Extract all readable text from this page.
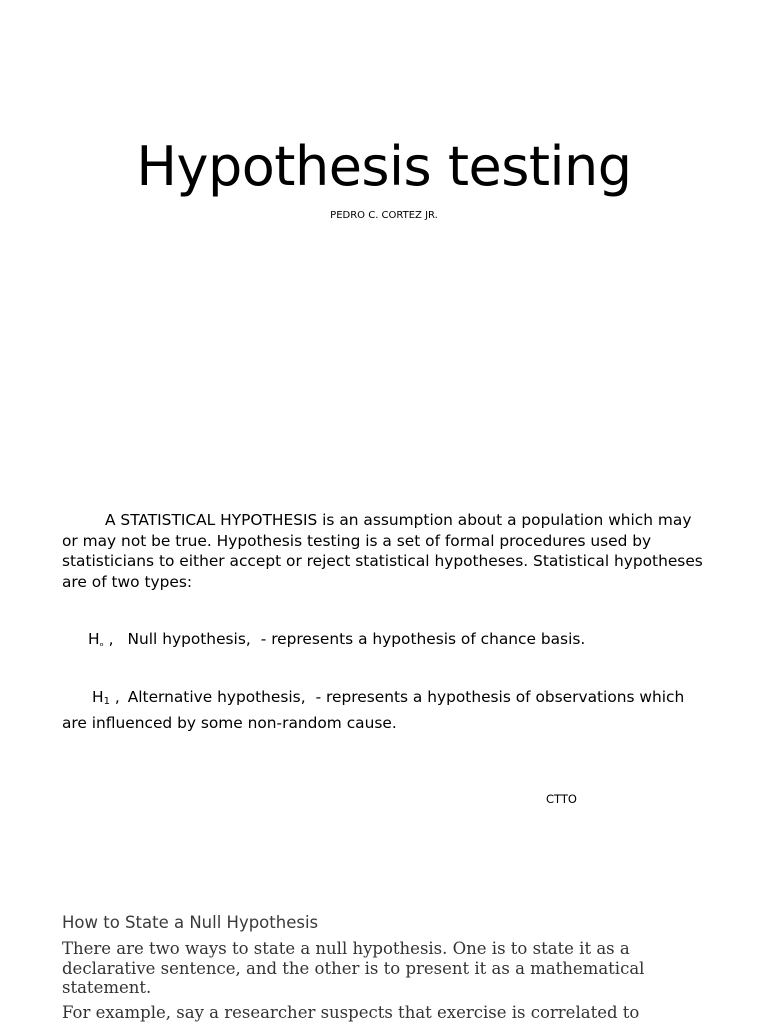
Hypothesis testing
PEDRO C. CORTEZ JR.

A STATISTICAL HYPOTHESIS is an assumption about a population which may or may not be true. Hypothesis testing is a set of formal procedures used by statisticians to either accept or reject statistical hypotheses. Statistical hypotheses are of two types:

$H_{_o}$ , Null hypothesis, - represents a hypothesis of chance basis.

$H_1$ , Alternative hypothesis, - represents a hypothesis of observations which are influenced by some non-random cause.

CTTO
How to State a Null Hypothesis

There are two ways to state a null hypothesis. One is to state it as a declarative sentence, and the other is to present it as a mathematical statement.

For example, say a researcher suspects that exercise is correlated to
